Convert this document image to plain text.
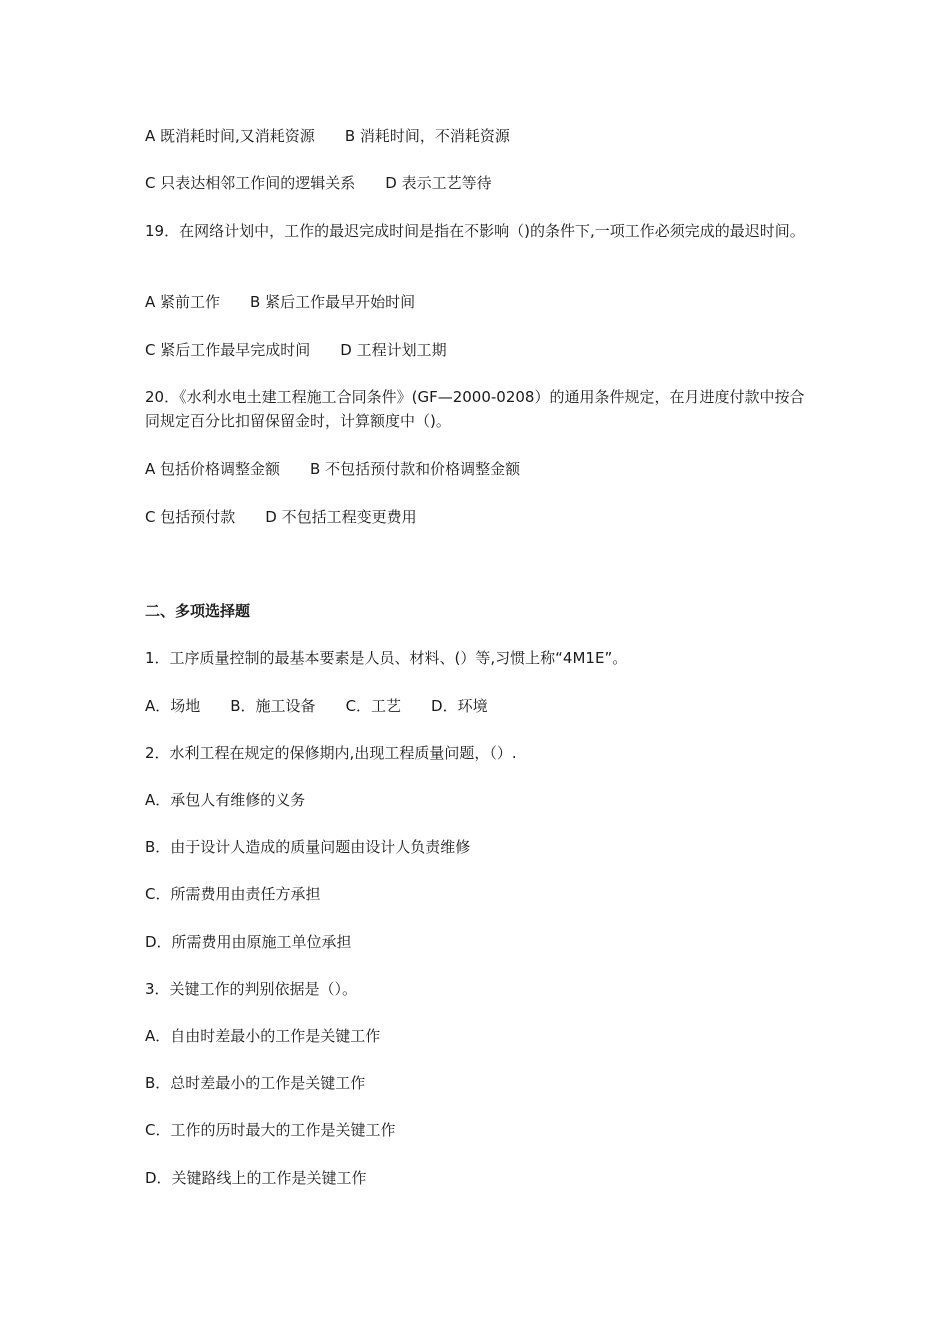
A 既消耗时间,又消耗资源 B 消耗时间，不消耗资源
C 只表达相邻工作间的逻辑关系 D 表示工艺等待
19．在网络计划中，工作的最迟完成时间是指在不影响（)的条件下,一项工作必须完成的最迟时间。
A 紧前工作 B 紧后工作最早开始时间
C 紧后工作最早完成时间 D 工程计划工期
20．《水利水电土建工程施工合同条件》(GF—2000-0208）的通用条件规定，在月进度付款中按合同规定百分比扣留保留金时，计算额度中（)。
A 包括价格调整金额 B 不包括预付款和价格调整金额
C 包括预付款 D 不包括工程变更费用
二、多项选择题
1．工序质量控制的最基本要素是人员、材料、(）等,习惯上称“4M1E”。
A．场地 B．施工设备 C．工艺 D．环境
2．水利工程在规定的保修期内,出现工程质量问题，（）.
A．承包人有维修的义务
B．由于设计人造成的质量问题由设计人负责维修
C．所需费用由责任方承担
D．所需费用由原施工单位承担
3．关键工作的判别依据是（）。
A．自由时差最小的工作是关键工作
B．总时差最小的工作是关键工作
C．工作的历时最大的工作是关键工作
D．关键路线上的工作是关键工作
